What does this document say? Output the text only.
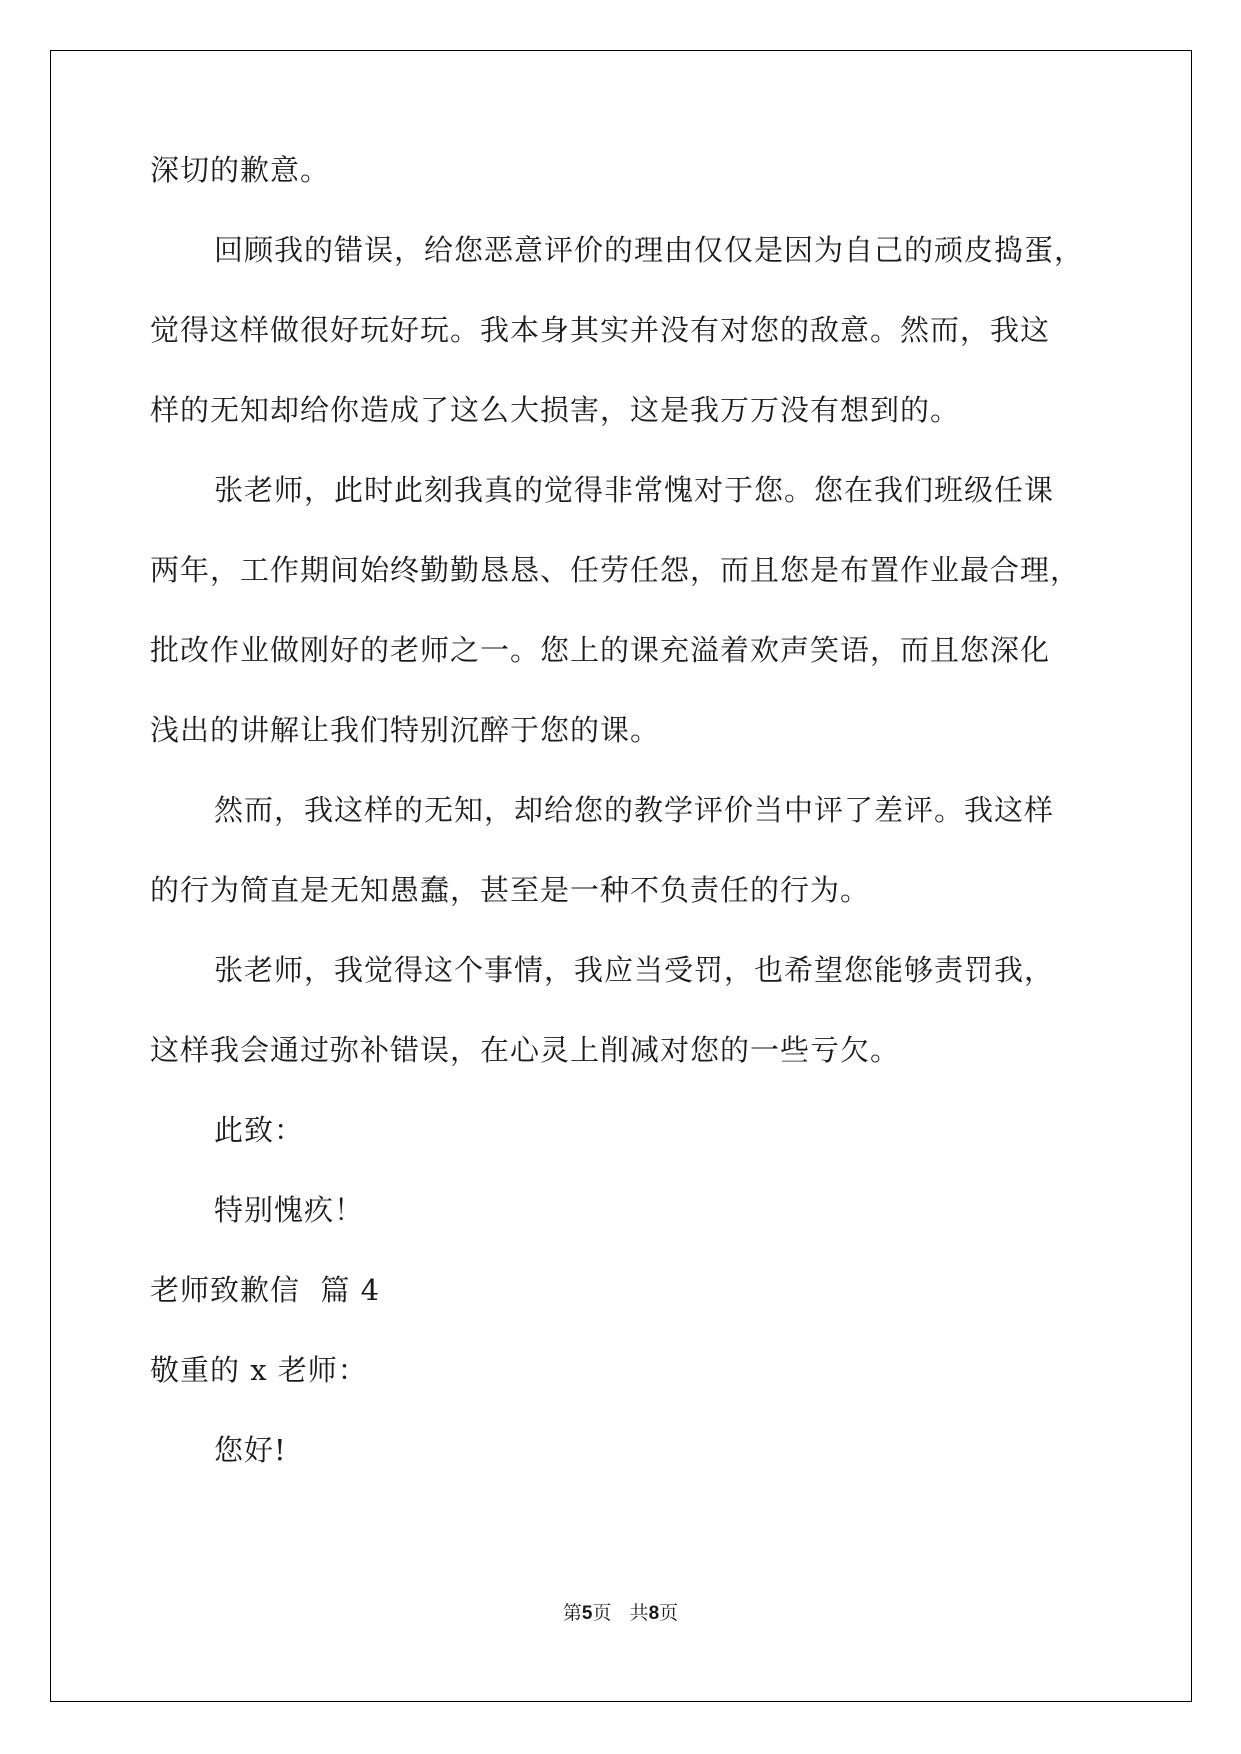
深切的歉意。
回顾我的错误，给您恶意评价的理由仅仅是因为自己的顽皮捣蛋，
觉得这样做很好玩好玩。我本身其实并没有对您的敌意。然而，我这
样的无知却给你造成了这么大损害，这是我万万没有想到的。
张老师，此时此刻我真的觉得非常愧对于您。您在我们班级任课
两年，工作期间始终勤勤恳恳、任劳任怨，而且您是布置作业最合理，
批改作业做刚好的老师之一。您上的课充溢着欢声笑语，而且您深化
浅出的讲解让我们特别沉醉于您的课。
然而，我这样的无知，却给您的教学评价当中评了差评。我这样
的行为简直是无知愚蠢，甚至是一种不负责任的行为。
张老师，我觉得这个事情，我应当受罚，也希望您能够责罚我，
这样我会通过弥补错误，在心灵上削减对您的一些亏欠。
此致：
特别愧疚！
老师致歉信  篇 4
敬重的 x 老师：
您好!
第5页   共8页
